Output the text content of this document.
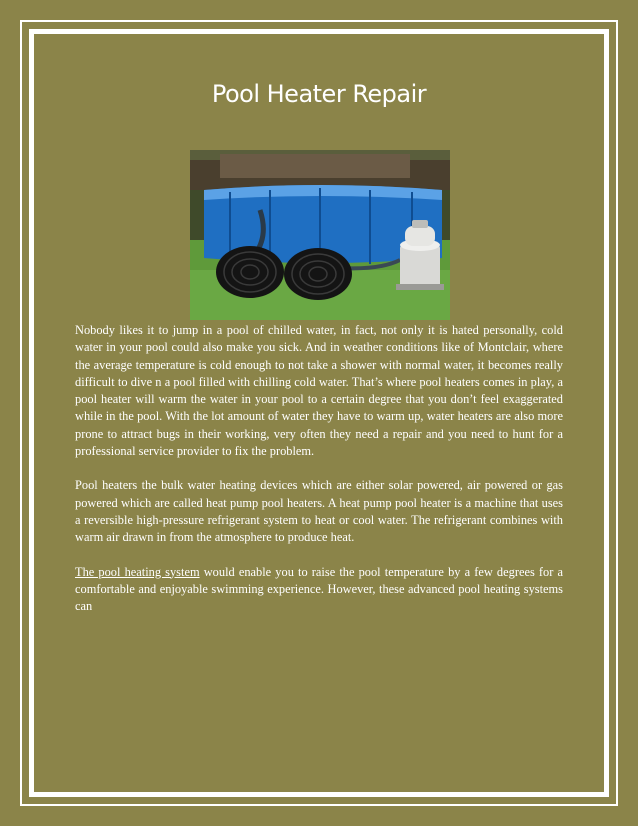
Pool Heater Repair

Nobody likes it to jump in a pool of chilled water, in fact, not only it is hated personally, cold water in your pool could also make you sick. And in weather conditions like of Montclair, where the average temperature is cold enough to not take a shower with normal water, it becomes really difficult to dive n a pool filled with chilling cold water. That’s where pool heaters comes in play, a pool heater will warm the water in your pool to a certain degree that you don’t feel exaggerated while in the pool. With the lot amount of water they have to warm up, water heaters are also more prone to attract bugs in their working, very often they need a repair and you need to hunt for a professional service provider to fix the problem.

Pool heaters the bulk water heating devices which are either solar powered, air powered or gas powered which are called heat pump pool heaters. A heat pump pool heater is a machine that uses a reversible high-pressure refrigerant system to heat or cool water. The refrigerant combines with warm air drawn in from the atmosphere to produce heat.

The pool heating system would enable you to raise the pool temperature by a few degrees for a comfortable and enjoyable swimming experience. However, these advanced pool heating systems can
